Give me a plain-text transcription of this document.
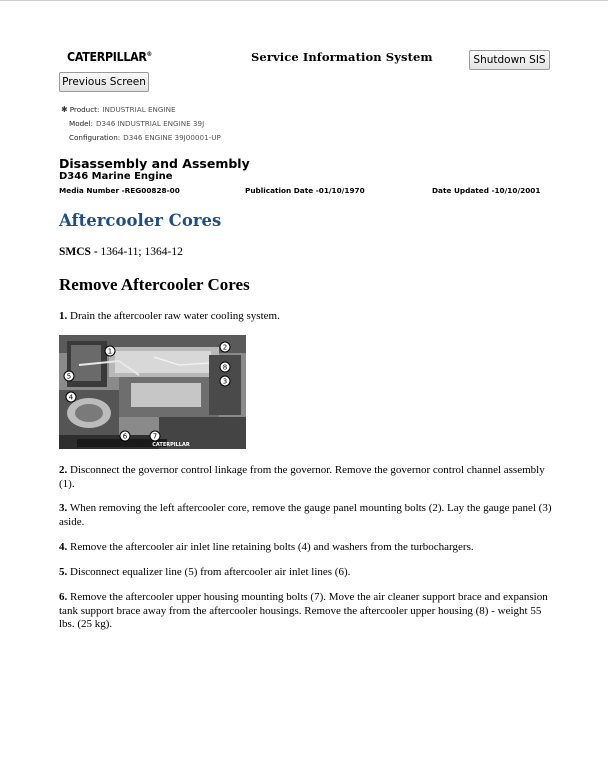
CATERPILLAR®	Service Information System	Shutdown SIS
Previous Screen
✱ Product: INDUSTRIAL ENGINE
Model: D346 INDUSTRIAL ENGINE 39J
Configuration: D346 ENGINE 39J00001-UP
Disassembly and Assembly
D346 Marine Engine
Media Number -REG00828-00	Publication Date -01/10/1970	Date Updated -10/10/2001
Aftercooler Cores
SMCS - 1364-11; 1364-12
Remove Aftercooler Cores
1. Drain the aftercooler raw water cooling system.
1	2
3
4
5
6	7
8
CATERPILLAR
2. Disconnect the governor control linkage from the governor. Remove the governor control channel assembly (1).
3. When removing the left aftercooler core, remove the gauge panel mounting bolts (2). Lay the gauge panel (3) aside.
4. Remove the aftercooler air inlet line retaining bolts (4) and washers from the turbochargers.
5. Disconnect equalizer line (5) from aftercooler air inlet lines (6).
6. Remove the aftercooler upper housing mounting bolts (7). Move the air cleaner support brace and expansion tank support brace away from the aftercooler housings. Remove the aftercooler upper housing (8) - weight 55 lbs. (25 kg).
